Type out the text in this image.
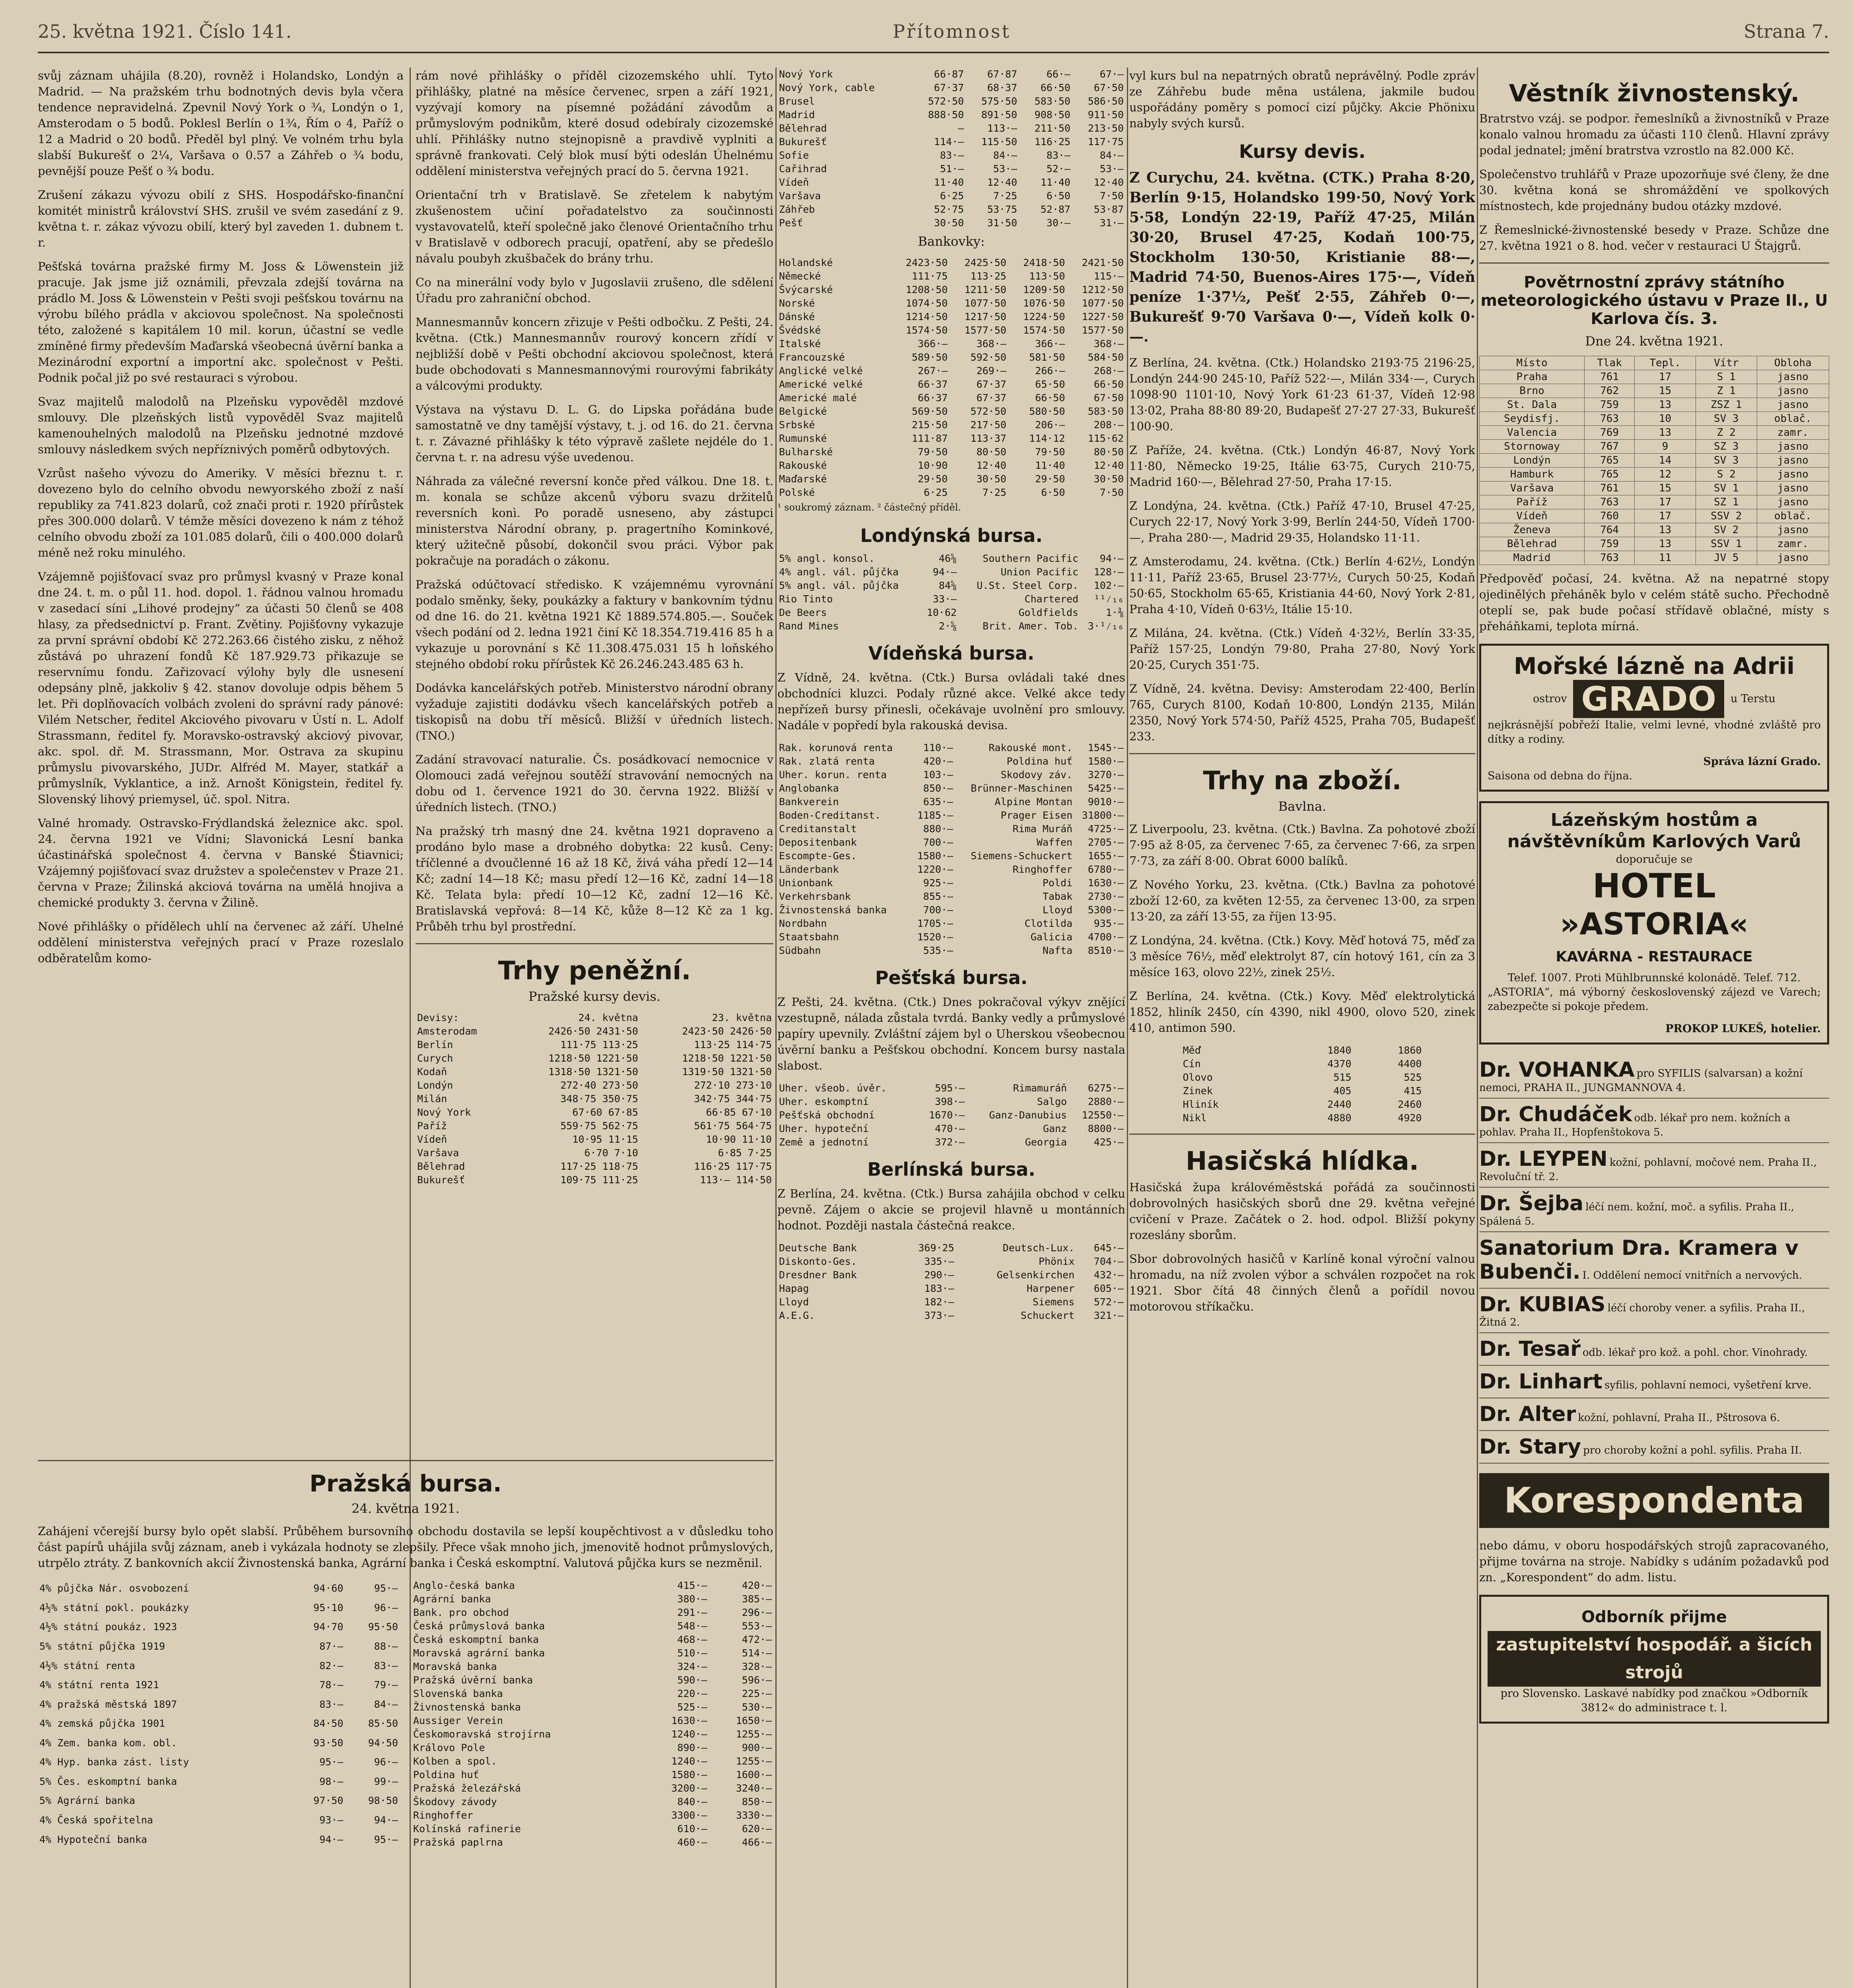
25. května 1921. Číslo 141.	Přítomnost	Strana 7.

svůj záznam uhájila (8.20), rovněž i Holandsko, Londýn a Madrid. — Na pražském trhu bodnotných devis byla včera tendence nepravidelná. Zpevnil Nový York o ¾, Londýn o 1, Amsterodam o 5 bodů. Poklesl Berlín o 1¾, Řím o 4, Paříž o 12 a Madrid o 20 bodů. Předěl byl plný. Ve volném trhu byla slabší Bukurešť o 2¼, Varšava o 0.57 a Záhřeb o ¾ bodu, pevnější pouze Pešť o ¾ bodu.

Zrušení zákazu vývozu obilí z SHS. Hospodářsko-finanční komitét ministrů království SHS. zrušil ve svém zasedání z 9. května t. r. zákaz vývozu obilí, který byl zaveden 1. dubnem t. r.

Pešťská továrna pražské firmy M. Joss & Löwenstein již pracuje. Jak jsme již oznámili, převzala zdejší továrna na prádlo M. Joss & Löwenstein v Pešti svoji pešťskou továrnu na výrobu bílého prádla v akciovou společnost. Na společnosti této, založené s kapitálem 10 mil. korun, účastní se vedle zmíněné firmy především Maďarská všeobecná úvěrní banka a Mezinárodní exportní a importní akc. společnost v Pešti. Podnik počal již po své restauraci s výrobou.

Svaz majitelů malodolů na Plzeňsku vypověděl mzdové smlouvy. Dle plzeňských listů vypověděl Svaz majitelů kamenouhelných malodolů na Plzeňsku jednotné mzdové smlouvy následkem svých nepříznivých poměrů odbytových.

Vzrůst našeho vývozu do Ameriky. V měsíci březnu t. r. dovezeno bylo do celního obvodu newyorského zboží z naší republiky za 741.823 dolarů, což znači proti r. 1920 přírůstek přes 300.000 dolarů. V témže měsíci dovezeno k nám z téhož celního obvodu zboží za 101.085 dolarů, čili o 400.000 dolarů méně než roku minulého.

Vzájemně pojišťovací svaz pro průmysl kvasný v Praze konal dne 24. t. m. o půl 11. hod. dopol. 1. řádnou valnou hromadu v zasedací síni „Lihové prodejny“ za účasti 50 členů se 408 hlasy, za předsednictví p. Frant. Zvětiny. Pojišťovny vykazuje za první správní období Kč 272.263.66 čistého zisku, z něhož zůstává po uhrazení fondů Kč 187.929.73 přikazuje se reservnímu fondu. Zařizovací výlohy byly dle usnesení odepsány plně, jakkoliv § 42. stanov dovoluje odpis během 5 let. Při doplňovacích volbách zvoleni do správní rady pánové: Vilém Netscher, ředitel Akciového pivovaru v Ústí n. L. Adolf Strassmann, ředitel fy. Moravsko-ostravský akciový pivovar, akc. spol. dř. M. Strassmann, Mor. Ostrava za skupinu průmyslu pivovarského, JUDr. Alfréd M. Mayer, statkář a průmyslník, Vyklantice, a inž. Arnošt Königstein, ředitel fy. Slovenský lihový priemysel, úč. spol. Nitra.

Valné hromady. Ostravsko-Frýdlandská železnice akc. spol. 24. června 1921 ve Vídni; Slavonická Lesní banka účastinářská společnost 4. června v Banské Štiavnici; Vzájemný pojišťovací svaz družstev a společenstev v Praze 21. června v Praze; Žilinská akciová továrna na umělá hnojiva a chemické produkty 3. června v Žilině.

Nové přihlášky o přídělech uhlí na červenec až září. Uhelné oddělení ministerstva veřejných prací v Praze rozeslalo odběratelům komo-

rám nové přihlášky o příděl cizozemského uhlí. Tyto přihlášky, platné na měsíce červenec, srpen a září 1921, vyzývají komory na písemné požádání závodům a průmyslovým podnikům, které dosud odebíraly cizozemské uhlí. Přihlášky nutno stejnopisně a pravdivě vyplniti a správně frankovati. Celý blok musí býti odeslán Úhelnému oddělení ministerstva veřejných prací do 5. června 1921.

Orientační trh v Bratislavě. Se zřetelem k nabytým zkušenostem učiní pořadatelstvo za součinnosti vystavovatelů, kteří společně jako členové Orientačního trhu v Bratislavě v odborech pracují, opatření, aby se předešlo návalu poubyh zkušbaček do brány trhu.

Co na minerální vody bylo v Jugoslavii zrušeno, dle sdělení Úřadu pro zahraniční obchod.

Mannesmannův koncern zřizuje v Pešti odbočku. Z Pešti, 24. května. (Ctk.) Mannesmannův rourový koncern zřídí v nejbližší době v Pešti obchodní akciovou společnost, která bude obchodovati s Mannesmannovými rourovými fabrikáty a válcovými produkty.

Výstava na výstavu D. L. G. do Lipska pořádána bude samostatně ve dny tamější výstavy, t. j. od 16. do 21. června t. r. Závazné přihlášky k této výpravě zašlete nejdéle do 1. června t. r. na adresu výše uvedenou.

Náhrada za válečné reversní konče před válkou. Dne 18. t. m. konala se schůze akcenů výboru svazu držitelů reversních konì. Po poradě usneseno, aby zástupci ministerstva Národní obrany, p. pragertního Kominkové, který užitečně působí, dokončil svou práci. Výbor pak pokračuje na poradách o zákonu.

Pražská odúčtovací středisko. K vzájemnému vyrovnání podalo směnky, šeky, poukázky a faktury v bankovním týdnu od dne 16. do 21. května 1921 Kč 1889.574.805.—. Souček všech podání od 2. ledna 1921 činí Kč 18.354.719.416 85 h a vykazuje u porovnání s Kč 11.308.475.031 15 h loňského stejného období roku přírůstek Kč 26.246.243.485 63 h.

Dodávka kancelářských potřeb. Ministerstvo národní obrany vyžaduje zajistiti dodávku všech kancelářských potřeb a tiskopisů na dobu tří měsíců. Bližší v úředních listech. (TNO.)

Zadání stravovací naturalie. Čs. posádkovací nemocnice v Olomouci zadá veřejnou soutěží stravování nemocných na dobu od 1. července 1921 do 30. června 1922. Bližší v úředních listech. (TNO.)

Na pražský trh masný dne 24. května 1921 dopraveno a prodáno bylo mase a drobného dobytka: 22 kusů. Ceny: tříčlenné a dvoučlenné 16 až 18 Kč, živá váha předí 12—14 Kč; zadní 14—18 Kč; masu předí 12—16 Kč, zadní 14—18 Kč. Telata byla: předí 10—12 Kč, zadní 12—16 Kč. Bratislavská vepřová: 8—14 Kč, kůže 8—12 Kč za 1 kg. Průběh trhu byl prostřední.

Trhy peněžní.
Pražské kursy devis.
Devisy:	24. května	23. května
Amsterodam	2426·50 2431·50	2423·50 2426·50
Berlín	111·75 113·25	113·25 114·75
Curych	1218·50 1221·50	1218·50 1221·50
Kodaň	1318·50 1321·50	1319·50 1321·50
Londýn	272·40 273·50	272·10 273·10
Milán	348·75 350·75	342·75 344·75
Nový York	67·60 67·85	66·85 67·10
Paříž	559·75 562·75	561·75 564·75
Vídeň	10·95 11·15	10·90 11·10
Varšava	6·70 7·10	6·85 7·25
Bělehrad	117·25 118·75	116·25 117·75
Bukurešť	109·75 111·25	113·— 114·50
Pražská bursa.
24. května 1921.

Zahájení včerejší bursy bylo opět slabší. Průběhem bursovního obchodu dostavila se lepší koupěchtivost a v důsledku toho část papírů uhájila svůj záznam, aneb i vykázala hodnoty se zlepšily. Přece však mnoho jich, jmenovitě hodnot průmyslových, utrpělo ztráty. Z bankovních akcií Živnostenská banka, Agrární banka i Česká eskomptní. Valutová půjčka kurs se nezměnil.

4% půjčka Nár. osvobození	94·60	95·—
4½% státní pokl. poukázky	95·10	96·—
4½% státní poukáz. 1923	94·70	95·50
5% státní půjčka 1919	87·—	88·—
4½% státní renta	82·—	83·—
4% státní renta 1921	78·—	79·—
4% pražská městská 1897	83·—	84·—
4% zemská půjčka 1901	84·50	85·50
4% Zem. banka kom. obl.	93·50	94·50
4% Hyp. banka zást. listy	95·—	96·—
5% Čes. eskomptní banka	98·—	99·—
5% Agrární banka	97·50	98·50
4% Česká spořitelna	93·—	94·—
4% Hypoteční banka	94·—	95·—
Anglo-česká banka	415·—	420·—
Agrární banka	380·—	385·—
Bank. pro obchod	291·—	296·—
Česká průmyslová banka	548·—	553·—
Česká eskomptní banka	468·—	472·—
Moravská agrární banka	510·—	514·—
Moravská banka	324·—	328·—
Pražská úvěrní banka	590·—	596·—
Slovenská banka	220·—	225·—
Živnostenská banka	525·—	530·—
Aussiger Verein	1630·—	1650·—
Českomoravská strojírna	1240·—	1255·—
Královo Pole	890·—	900·—
Kolben a spol.	1240·—	1255·—
Poldina huť	1580·—	1600·—
Pražská železářská	3200·—	3240·—
Škodovy závody	840·—	850·—
Ringhoffer	3300·—	3330·—
Kolínská rafinerie	610·—	620·—
Pražská paplrna	460·—	466·—
Nový York	66·87	67·87	66·—	67·—
Nový York, cable	67·37	68·37	66·50	67·50
Brusel	572·50	575·50	583·50	586·50
Madrid	888·50	891·50	908·50	911·50
Bělehrad	—	113·—	211·50	213·50
Bukurešť	114·—	115·50	116·25	117·75
Sofie	83·—	84·—	83·—	84·—
Cařihrad	51·—	53·—	52·—	53·—
Vídeň	11·40	12·40	11·40	12·40
Varšava	6·25	7·25	6·50	7·50
Záhřeb	52·75	53·75	52·87	53·87
Pešť	30·50	31·50	30·—	31·—
Bankovky:
Holandské	2423·50	2425·50	2418·50	2421·50
Německé	111·75	113·25	113·50	115·—
Švýcarské	1208·50	1211·50	1209·50	1212·50
Norské	1074·50	1077·50	1076·50	1077·50
Dánské	1214·50	1217·50	1224·50	1227·50
Švédské	1574·50	1577·50	1574·50	1577·50
Italské	366·—	368·—	366·—	368·—
Francouzské	589·50	592·50	581·50	584·50
Anglické velké	267·—	269·—	266·—	268·—
Americké velké	66·37	67·37	65·50	66·50
Americké malé	66·37	67·37	66·50	67·50
Belgické	569·50	572·50	580·50	583·50
Srbské	215·50	217·50	206·—	208·—
Rumunské	111·87	113·37	114·12	115·62
Bulharské	79·50	80·50	79·50	80·50
Rakouské	10·90	12·40	11·40	12·40
Maďarské	29·50	30·50	29·50	30·50
Polské	6·25	7·25	6·50	7·50

¹ soukromý záznam. ² částečný příděl.

Londýnská bursa.
5% angl. konsol.	46⅝	Southern Pacific	94·—
4% angl. vál. půjčka	94·—	Union Pacific	128·—
5% angl. vál. půjčka	84⅝	U.St. Steel Corp.	102·—
Rio Tinto	33·—	Chartered	¹¹⁄₁₆
De Beers	10·62	Goldfields	1·⅜
Rand Mines	2·⅝	Brit. Amer. Tob.	3·¹⁄₁₆
Vídeňská bursa.

Z Vídně, 24. května. (Ctk.) Bursa ovládali také dnes obchodníci kluzci. Podaly různé akce. Velké akce tedy nepřízeň bursy přinesli, očekávaje uvolnění pro smlouvy. Nadále v popředí byla rakouská devisa.

Rak. korunová renta	110·—	Rakouské mont.	1545·—
Rak. zlatá renta	420·—	Poldina huť	1580·—
Uher. korun. renta	103·—	Skodovy záv.	3270·—
Anglobanka	850·—	Brünner-Maschinen	5425·—
Bankverein	635·—	Alpine Montan	9010·—
Boden-Creditanst.	1185·—	Prager Eisen	31800·—
Creditanstalt	880·—	Rima Muráň	4725·—
Depositenbank	700·—	Waffen	2705·—
Escompte-Ges.	1580·—	Siemens-Schuckert	1655·—
Länderbank	1220·—	Ringhoffer	6780·—
Unionbank	925·—	Poldi	1630·—
Verkehrsbank	855·—	Tabak	2730·—
Živnostenská banka	700·—	Lloyd	5300·—
Nordbahn	1705·—	Clotilda	935·—
Staatsbahn	1520·—	Galicia	4700·—
Südbahn	535·—	Nafta	8510·—
Pešťská bursa.

Z Pešti, 24. května. (Ctk.) Dnes pokračoval výkyv znějící vzestupně, nálada zůstala tvrdá. Banky vedly a průmyslové papíry upevnily. Zvláštní zájem byl o Uherskou všeobecnou úvěrní banku a Pešťskou obchodní. Koncem bursy nastala slabost.

Uher. všeob. úvěr.	595·—	Rimamuráň	6275·—
Uher. eskomptní	398·—	Salgo	2880·—
Pešťská obchodní	1670·—	Ganz-Danubius	12550·—
Uher. hypoteční	470·—	Ganz	8800·—
Země a jednotní	372·—	Georgia	425·—
Berlínská bursa.

Z Berlína, 24. května. (Ctk.) Bursa zahájila obchod v celku pevně. Zájem o akcie se projevil hlavně u montánních hodnot. Později nastala částečná reakce.

Deutsche Bank	369·25	Deutsch-Lux.	645·—
Diskonto-Ges.	335·—	Phönix	704·—
Dresdner Bank	290·—	Gelsenkirchen	432·—
Hapag	183·—	Harpener	605·—
Lloyd	182·—	Siemens	572·—
A.E.G.	373·—	Schuckert	321·—

vyl kurs bul na nepatrných obratů neprávělný. Podle zpráv ze Záhřebu bude měna ustálena, jakmile budou uspořádány poměry s pomocí cizí půjčky. Akcie Phönixu nabyly svých kursů.

Kursy devis.

Z Curychu, 24. května. (CTK.) Praha 8·20, Berlín 9·15, Holandsko 199·50, Nový York 5·58, Londýn 22·19, Paříž 47·25, Milán 30·20, Brusel 47·25, Kodaň 100·75, Stockholm 130·50, Kristianie 88·—, Madrid 74·50, Buenos-Aires 175·—, Vídeň peníze 1·37½, Pešť 2·55, Záhřeb 0·—, Bukurešť 9·70 Varšava 0·—, Vídeň kolk 0·—.

Z Berlína, 24. května. (Ctk.) Holandsko 2193·75 2196·25, Londýn 244·90 245·10, Paříž 522·—, Milán 334·—, Curych 1098·90 1101·10, Nový York 61·23 61·37, Vídeň 12·98 13·02, Praha 88·80 89·20, Budapešť 27·27 27·33, Bukurešť 100·90.

Z Paříže, 24. května. (Ctk.) Londýn 46·87, Nový York 11·80, Německo 19·25, Itálie 63·75, Curych 210·75, Madrid 160·—, Bělehrad 27·50, Praha 17·15.

Z Londýna, 24. května. (Ctk.) Paříž 47·10, Brusel 47·25, Curych 22·17, Nový York 3·99, Berlín 244·50, Vídeň 1700·—, Praha 280·—, Madrid 29·35, Holandsko 11·11.

Z Amsterodamu, 24. května. (Ctk.) Berlín 4·62½, Londýn 11·11, Paříž 23·65, Brusel 23·77½, Curych 50·25, Kodaň 50·65, Stockholm 65·65, Kristiania 44·60, Nový York 2·81, Praha 4·10, Vídeň 0·63½, Itálie 15·10.

Z Milána, 24. května. (Ctk.) Vídeň 4·32½, Berlín 33·35, Paříž 157·25, Londýn 79·80, Praha 27·80, Nový York 20·25, Curych 351·75.

Z Vídně, 24. května. Devisy: Amsterodam 22·400, Berlín 765, Curych 8100, Kodaň 10·800, Londýn 2135, Milán 2350, Nový York 574·50, Paříž 4525, Praha 705, Budapešť 233.

Trhy na zboží.
Bavlna.

Z Liverpoolu, 23. května. (Ctk.) Bavlna. Za pohotové zboží 7·95 až 8·05, za červenec 7·65, za červenec 7·66, za srpen 7·73, za září 8·00. Obrat 6000 balíků.

Z Nového Yorku, 23. května. (Ctk.) Bavlna za pohotové zboží 12·60, za květen 12·55, za červenec 13·00, za srpen 13·20, za září 13·55, za říjen 13·95.

Z Londýna, 24. května. (Ctk.) Kovy. Měď hotová 75, měď za 3 měsíce 76½, měď elektrolyt 87, cín hotový 161, cín za 3 měsíce 163, olovo 22½, zinek 25½.

Z Berlína, 24. května. (Ctk.) Kovy. Měď elektrolytická 1852, hliník 2450, cín 4390, nikl 4900, olovo 520, zinek 410, antimon 590.

Měď	1840	1860
Cín	4370	4400
Olovo	515	525
Zinek	405	415
Hliník	2440	2460
Nikl	4880	4920
Hasičská hlídka.

Hasičská župa královéměstská pořádá za součinnosti dobrovolných hasičských sborů dne 29. května veřejné cvičení v Praze. Začátek o 2. hod. odpol. Bližší pokyny rozeslány sborům.

Sbor dobrovolných hasičů v Karlíně konal výroční valnou hromadu, na níž zvolen výbor a schválen rozpočet na rok 1921. Sbor čítá 48 činných členů a pořídil novou motorovou stříkačku.

Věstník živnostenský.

Bratrstvo vzáj. se podpor. řemeslníků a živnostníků v Praze konalo valnou hromadu za účasti 110 členů. Hlavní zprávy podal jednatel; jmění bratrstva vzrostlo na 82.000 Kč.

Společenstvo truhlářů v Praze upozorňuje své členy, že dne 30. května koná se shromáždění ve spolkových místnostech, kde projednány budou otázky mzdové.

Z Řemeslnické-živnostenské besedy v Praze. Schůze dne 27. května 1921 o 8. hod. večer v restauraci U Štajgrů.

Povětrnostní zprávy státního meteorologického ústavu v Praze II., U Karlova čís. 3.
Dne 24. května 1921.
Místo	Tlak	Tepl.	Vítr	Obloha
Praha	761	17	S 1	jasno
Brno	762	15	Z 1	jasno
St. Dala	759	13	ZSZ 1	jasno
Seydisfj.	763	10	SV 3	oblač.
Valencia	769	13	Z 2	zamr.
Stornoway	767	9	SZ 3	jasno
Londýn	765	14	SV 3	jasno
Hamburk	765	12	S 2	jasno
Varšava	761	15	SV 1	jasno
Paříž	763	17	SZ 1	jasno
Vídeň	760	17	SSV 2	oblač.
Ženeva	764	13	SV 2	jasno
Bělehrad	759	13	SSV 1	zamr.
Madrid	763	11	JV 5	jasno

Předpověď počasí, 24. května. Až na nepatrné stopy ojedinělých přeháněk bylo v celém státě sucho. Přechodně oteplí se, pak bude počasí střídavě oblačné, místy s přeháňkami, teplota mírná.

Mořské lázně na Adrii
ostrov GRADO	u Terstu

nejkrásnější pobřeží Italie, velmi levné, vhodné zvláště pro dítky a rodiny.

Správa lázní Grado.
Saisona od debna do října.
Lázeňským hostům a návštěvníkům Karlových Varů
doporučuje se
HOTEL
»ASTORIA«
KAVÁRNA - RESTAURACE
Telef. 1007. Proti Mühlbrunnské kolonádě. Telef. 712.

„ASTORIA“, má výborný československý zájezd ve Varech; zabezpečte si pokoje předem.

PROKOP LUKEŠ, hotelier.
Dr. VOHANKA pro SYFILIS (salvarsan) a kožní nemoci, PRAHA II., JUNGMANNOVA 4.
Dr. Chudáček odb. lékař pro nem. kožních a pohlav. Praha II., Hopfenštokova 5.
Dr. LEYPEN kožní, pohlavní, močové nem. Praha II., Revoluční tř. 2.
Dr. Šejba léčí nem. kožní, moč. a syfilis. Praha II., Spálená 5.
Sanatorium Dra. Kramera v Bubenči. I. Oddělení nemocí vnitřních a nervových.
Dr. KUBIAS léčí choroby vener. a syfilis. Praha II., Žitná 2.
Dr. Tesař odb. lékař pro kož. a pohl. chor. Vinohrady.
Dr. Linhart syfilis, pohlavní nemoci, vyšetření krve.
Dr. Alter kožní, pohlavní, Praha II., Pštrosova 6.
Dr. Stary pro choroby kožní a pohl. syfilis. Praha II.
Korespondenta

nebo dámu, v oboru hospodářských strojů zapracovaného, přijme továrna na stroje. Nabídky s udáním požadavků pod zn. „Korespondent“ do adm. listu.

Odborník přijme
zastupitelství hospodář. a šicích strojů
pro Slovensko. Laskavé nabídky pod značkou »Odborník 3812« do administrace t. l.
